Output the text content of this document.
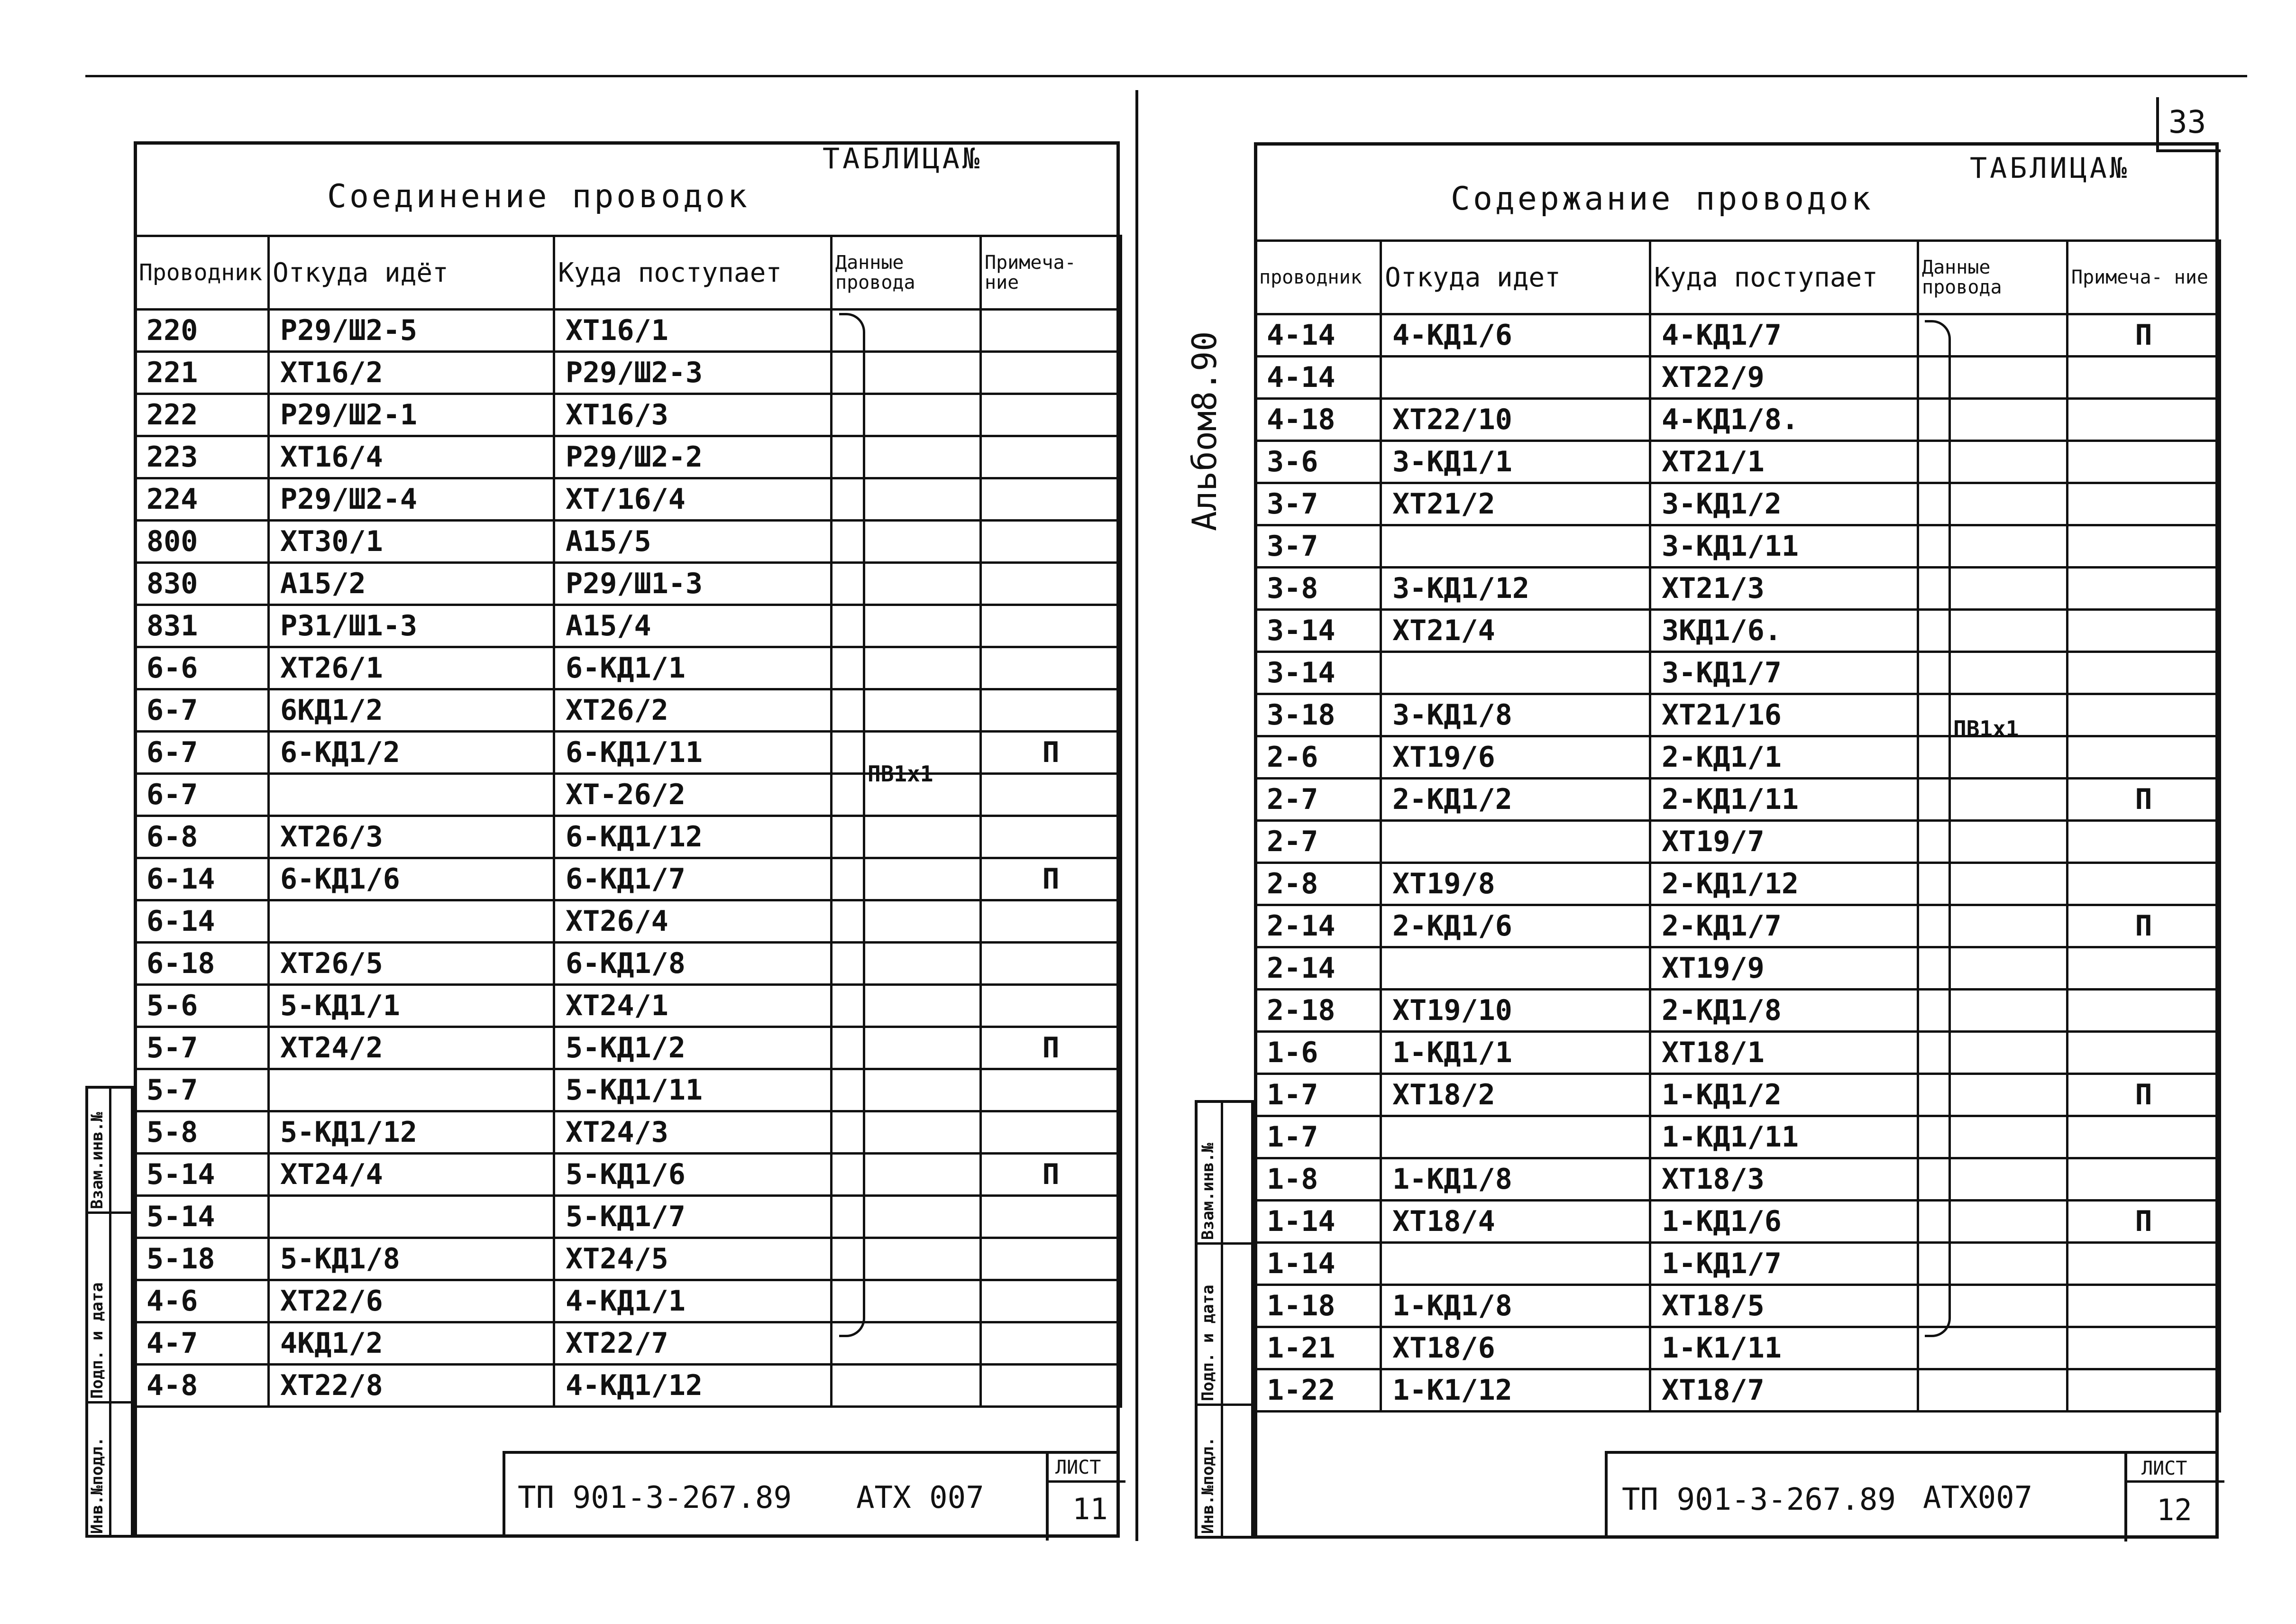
33
Альбом8.90
Соединение проводок
ТАБЛИЦА№
Проводник	Откуда идёт	Куда поступает	Данные провода	Примеча- ние
220	Р29/Ш2-5	ХТ16/1		
221	ХТ16/2	Р29/Ш2-3		
222	Р29/Ш2-1	ХТ16/3		
223	ХТ16/4	Р29/Ш2-2		
224	Р29/Ш2-4	ХТ/16/4		
800	ХТ30/1	А15/5		
830	А15/2	Р29/Ш1-3		
831	Р31/Ш1-3	А15/4		
6-6	ХТ26/1	6-КД1/1		
6-7	6КД1/2	ХТ26/2		
6-7	6-КД1/2	6-КД1/11		П
6-7		ХТ-26/2		
6-8	ХТ26/3	6-КД1/12		
6-14	6-КД1/6	6-КД1/7		П
6-14		ХТ26/4		
6-18	ХТ26/5	6-КД1/8		
5-6	5-КД1/1	ХТ24/1		
5-7	ХТ24/2	5-КД1/2		П
5-7		5-КД1/11		
5-8	5-КД1/12	ХТ24/3		
5-14	ХТ24/4	5-КД1/6		П
5-14		5-КД1/7		
5-18	5-КД1/8	ХТ24/5		
4-6	ХТ22/6	4-КД1/1		
4-7	4КД1/2	ХТ22/7		
4-8	ХТ22/8	4-КД1/12		
ПВ1x1
ТП 901-3-267.89 АТХ 007
ЛИСТ
11
Инв.№подл.
Подп. и дата
Взам.инв.№
Содержание проводок
ТАБЛИЦА№
проводник	Откуда идет	Куда поступает	Данные провода	Примеча- ние
4-14	4-КД1/6	4-КД1/7		П
4-14		ХТ22/9		
4-18	ХТ22/10	4-КД1/8.		
3-6	3-КД1/1	ХТ21/1		
3-7	ХТ21/2	3-КД1/2		
3-7		3-КД1/11		
3-8	3-КД1/12	ХТ21/3		
3-14	ХТ21/4	3КД1/6.		
3-14		3-КД1/7		
3-18	3-КД1/8	ХТ21/16		
2-6	ХТ19/6	2-КД1/1		
2-7	2-КД1/2	2-КД1/11		П
2-7		ХТ19/7		
2-8	ХТ19/8	2-КД1/12		
2-14	2-КД1/6	2-КД1/7		П
2-14		ХТ19/9		
2-18	ХТ19/10	2-КД1/8		
1-6	1-КД1/1	ХТ18/1		
1-7	ХТ18/2	1-КД1/2		П
1-7		1-КД1/11		
1-8	1-КД1/8	ХТ18/3		
1-14	ХТ18/4	1-КД1/6		П
1-14		1-КД1/7		
1-18	1-КД1/8	ХТ18/5		
1-21	ХТ18/6	1-К1/11		
1-22	1-К1/12	ХТ18/7		
ПВ1x1
ТП 901-3-267.89 АТХ007
ЛИСТ
12
Инв.№подл.
Подп. и дата
Взам.инв.№
